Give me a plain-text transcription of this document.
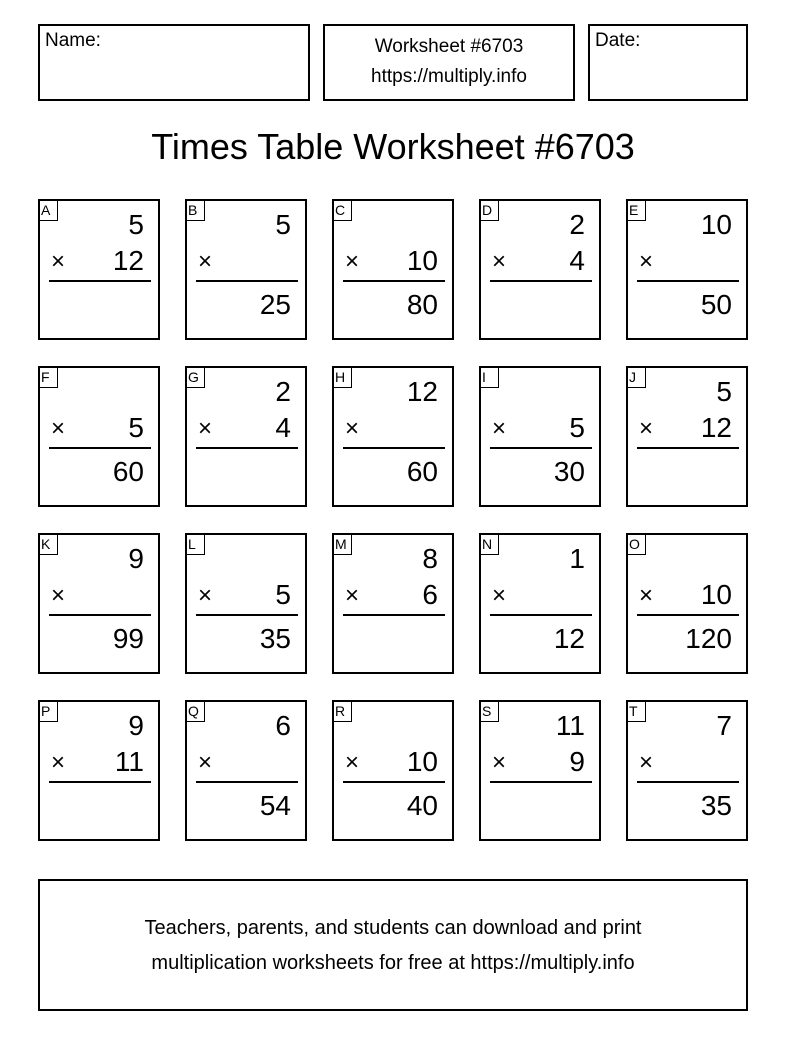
Name:	Worksheet #6703
https://multiply.info
Date:
Times Table Worksheet #6703
A	5
× 12
B	5
×
25
C
× 10
80
D	2
× 4
E 10
×
50
F
× 5
60
G	2
× 4
H 12
×
60
I
× 5
30
J	5
× 12
K	9
×
99
L
× 5
35
M	8
× 6
N	1
×
12
O
× 10
120
P	9
× 11
Q	6
×
54
R
× 10
40
S 11
× 9
T	7
×
35
Teachers, parents, and students can download and print
multiplication worksheets for free at https://multiply.info
